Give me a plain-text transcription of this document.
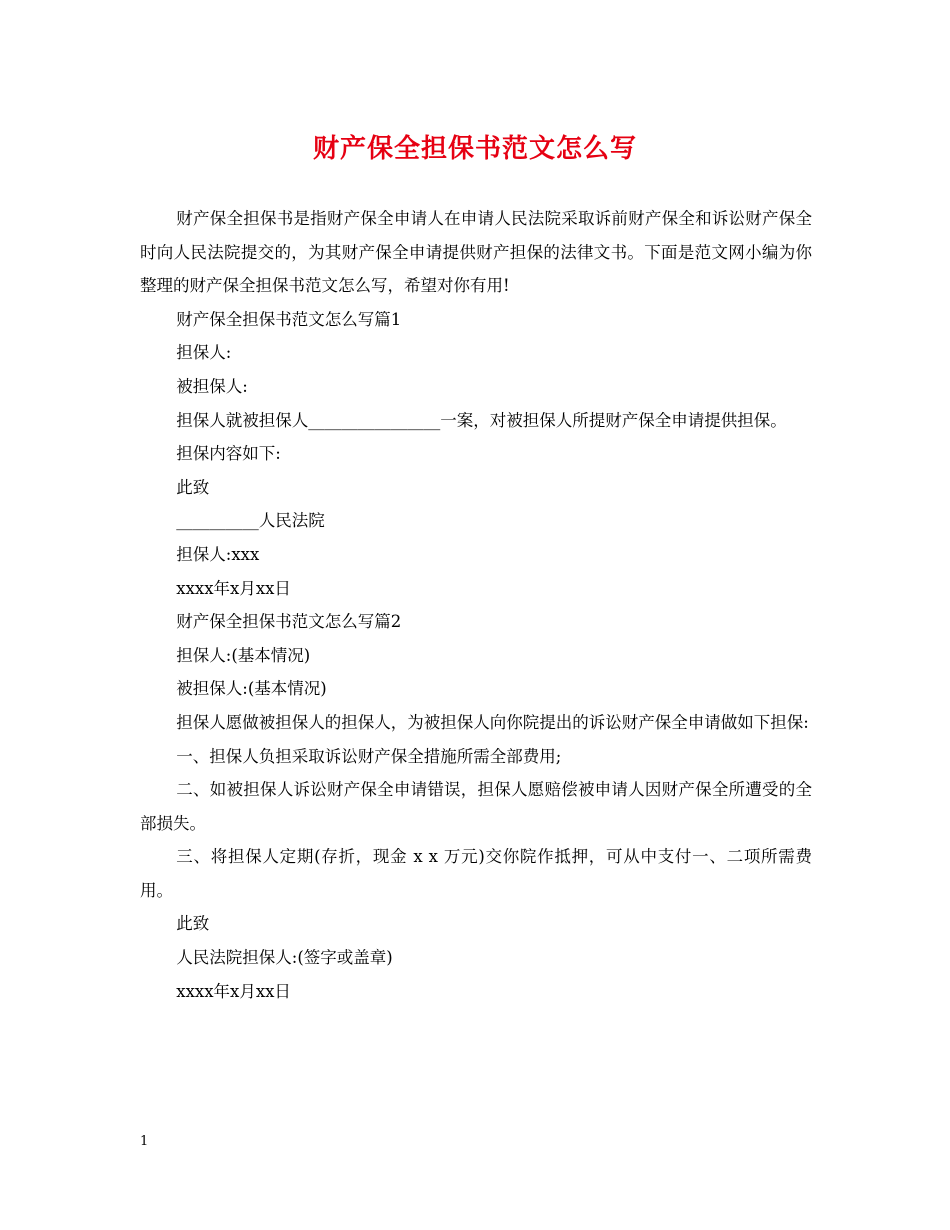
财产保全担保书范文怎么写

财产保全担保书是指财产保全申请人在申请人民法院采取诉前财产保全和诉讼财产保全时向人民法院提交的，为其财产保全申请提供财产担保的法律文书。下面是范文网小编为你整理的财产保全担保书范文怎么写，希望对你有用!

财产保全担保书范文怎么写篇1

担保人:

被担保人:

担保人就被担保人________________一案，对被担保人所提财产保全申请提供担保。

担保内容如下:

此致

__________人民法院

担保人:xxx

xxxx年x月xx日

财产保全担保书范文怎么写篇2

担保人:(基本情况)

被担保人:(基本情况)

担保人愿做被担保人的担保人，为被担保人向你院提出的诉讼财产保全申请做如下担保:

一、担保人负担采取诉讼财产保全措施所需全部费用;

二、如被担保人诉讼财产保全申请错误，担保人愿赔偿被申请人因财产保全所遭受的全部损失。

三、将担保人定期(存折，现金 x x 万元)交你院作抵押，可从中支付一、二项所需费用。

此致

人民法院担保人:(签字或盖章)

xxxx年x月xx日

1
